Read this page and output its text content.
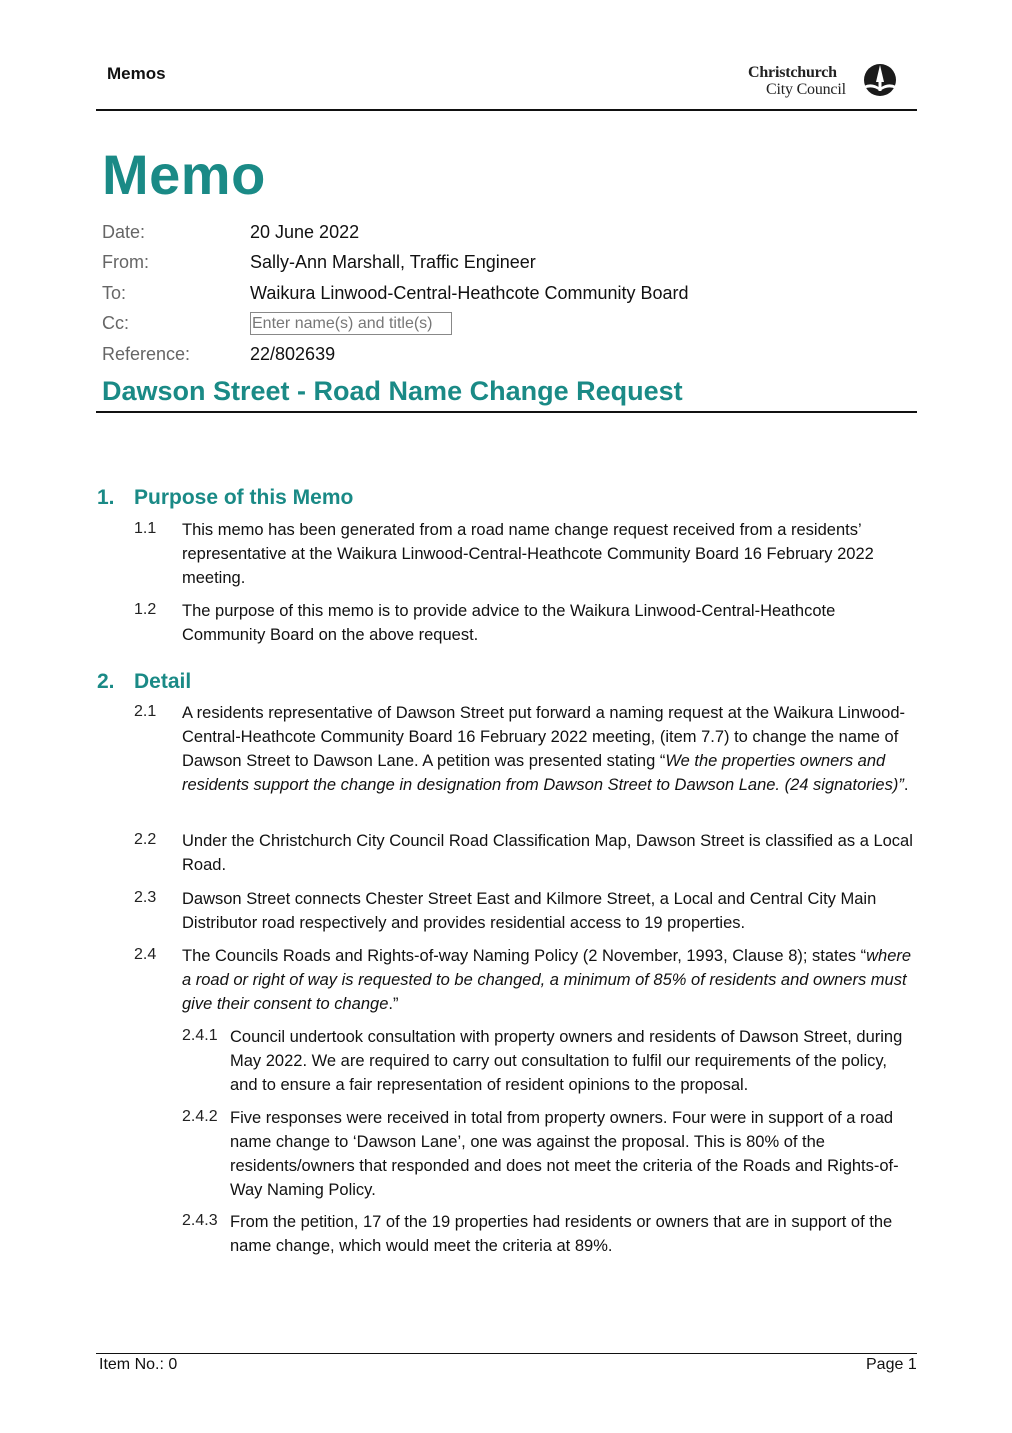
Memos	Christchurch
City Council
Memo
Date:	20 June 2022
From:	Sally-Ann Marshall, Traffic Engineer
To:	Waikura Linwood-Central-Heathcote Community Board
Cc:	Enter name(s) and title(s)
Reference:	22/802639
Dawson Street - Road Name Change Request
1. Purpose of this Memo
1.1 This memo has been generated from a road name change request received from a residents’ representative at the Waikura Linwood-Central-Heathcote Community Board 16 February 2022 meeting.
1.2 The purpose of this memo is to provide advice to the Waikura Linwood-Central-Heathcote Community Board on the above request.
2. Detail
2.1 A residents representative of Dawson Street put forward a naming request at the Waikura Linwood-Central-Heathcote Community Board 16 February 2022 meeting, (item 7.7) to change the name of Dawson Street to Dawson Lane. A petition was presented stating “We the properties owners and residents support the change in designation from Dawson Street to Dawson Lane. (24 signatories)”.
2.2 Under the Christchurch City Council Road Classification Map, Dawson Street is classified as a Local Road.
2.3 Dawson Street connects Chester Street East and Kilmore Street, a Local and Central City Main Distributor road respectively and provides residential access to 19 properties.
2.4 The Councils Roads and Rights-of-way Naming Policy (2 November, 1993, Clause 8); states “where a road or right of way is requested to be changed, a minimum of 85% of residents and owners must give their consent to change.”
2.4.1 Council undertook consultation with property owners and residents of Dawson Street, during May 2022. We are required to carry out consultation to fulfil our requirements of the policy, and to ensure a fair representation of resident opinions to the proposal.
2.4.2 Five responses were received in total from property owners. Four were in support of a road name change to ‘Dawson Lane’, one was against the proposal. This is 80% of the residents/owners that responded and does not meet the criteria of the Roads and Rights-of-Way Naming Policy.
2.4.3 From the petition, 17 of the 19 properties had residents or owners that are in support of the name change, which would meet the criteria at 89%.
Item No.: 0	Page 1
